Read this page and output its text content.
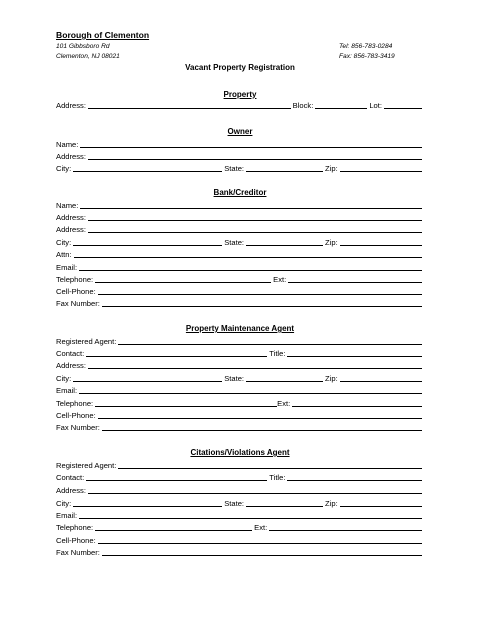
Borough of Clementon
101 Gibbsboro Rd
Clementon, NJ 08021
Tel: 856-783-0284
Fax: 856-783-3419
Vacant Property Registration
Property
Address:	Block:	Lot:
Owner
Name:
Address:
City:	State:	Zip:
Bank/Creditor
Name:
Address:
Address:
City:	State:	Zip:
Attn:
Email:
Telephone:	Ext:
Cell-Phone:
Fax Number:
Property Maintenance Agent
Registered Agent:
Contact:	Title:
Address:
City:	State:	Zip:
Email:
Telephone:	Ext:
Cell-Phone:
Fax Number:
Citations/Violations Agent
Registered Agent:
Contact:	Title:
Address:
City:	State:	Zip:
Email:
Telephone:	Ext:
Cell-Phone:
Fax Number:
